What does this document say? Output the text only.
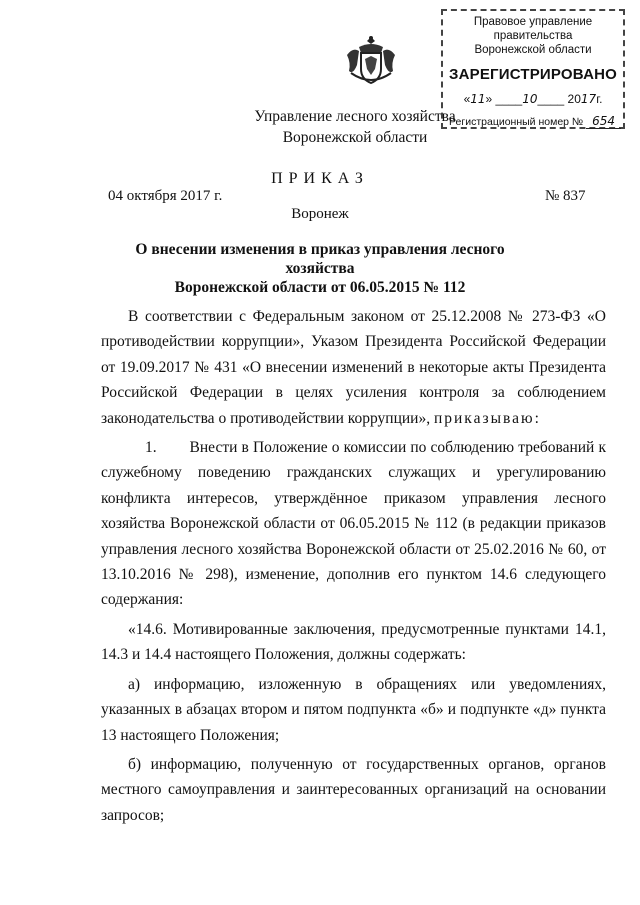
Управление лесного хозяйства
Воронежской области
Правовое управление правительства
Воронежской области
ЗАРЕГИСТРИРОВАНО
«11» ____10____ 2017г.
Регистрационный номер № 654
ПРИКАЗ
04 октября 2017 г.	№ 837
Воронеж
О внесении изменения в приказ управления лесного хозяйства
Воронежской области от 06.05.2015 № 112

В соответствии с Федеральным законом от 25.12.2008 № 273-ФЗ «О противодействии коррупции», Указом Президента Российской Федерации от 19.09.2017 № 431 «О внесении изменений в некоторые акты Президента Российской Федерации в целях усиления контроля за соблюдением законодательства о противодействии коррупции», приказываю:

1. Внести в Положение о комиссии по соблюдению требований к служебному поведению гражданских служащих и урегулированию конфликта интересов, утверждённое приказом управления лесного хозяйства Воронежской области от 06.05.2015 № 112 (в редакции приказов управления лесного хозяйства Воронежской области от 25.02.2016 № 60, от 13.10.2016 № 298), изменение, дополнив его пунктом 14.6 следующего содержания:

«14.6. Мотивированные заключения, предусмотренные пунктами 14.1, 14.3 и 14.4 настоящего Положения, должны содержать:

а) информацию, изложенную в обращениях или уведомлениях, указанных в абзацах втором и пятом подпункта «б» и подпункте «д» пункта 13 настоящего Положения;

б) информацию, полученную от государственных органов, органов местного самоуправления и заинтересованных организаций на основании запросов;
